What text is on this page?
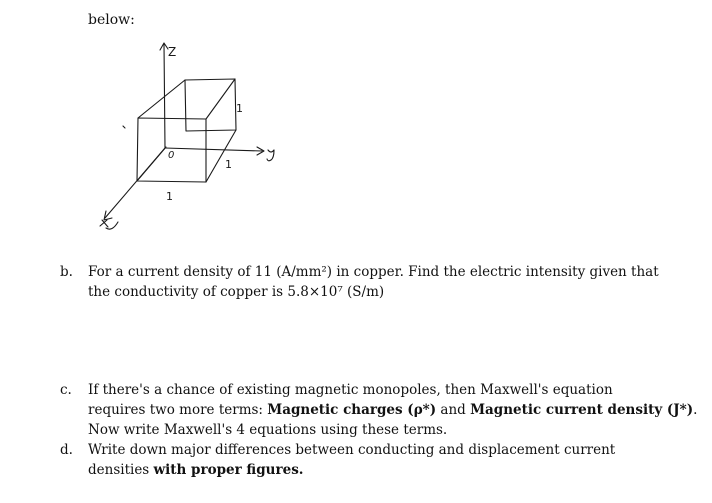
below:
Z
0
1
1
1
b.	For a current density of 11 (A/mm²) in copper. Find the electric intensity given that
the conductivity of copper is 5.8×10⁷ (S/m)
c.	If there's a chance of existing magnetic monopoles, then Maxwell's equation
requires two more terms: Magnetic charges (ρ*) and Magnetic current density (J*).
Now write Maxwell's 4 equations using these terms.
d.	Write down major differences between conducting and displacement current
densities with proper figures.
